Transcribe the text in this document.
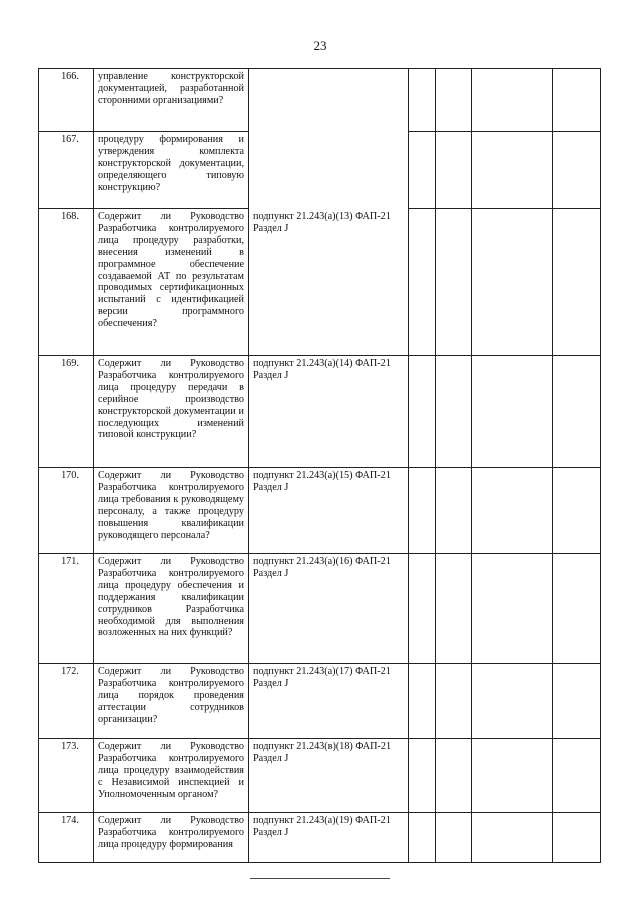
23
166.	управление конструкторской документацией, разработанной сторонними организациями?					
167.	процедуру формирования и утверждения комплекта конструкторской документации, определяющего типовую конструкцию?					
168.	Содержит ли Руководство Разработчика контролируемого лица процедуру разработки, внесения изменений в программное обеспечение создаваемой АТ по результатам проводимых сертификационных испытаний с идентификацией версии программного обеспечения?	подпункт 21.243(а)(13) ФАП-21 Раздел J				
169.	Содержит ли Руководство Разработчика контролируемого лица процедуру передачи в серийное производство конструкторской документации и последующих изменений типовой конструкции?	подпункт 21.243(а)(14) ФАП-21 Раздел J				
170.	Содержит ли Руководство Разработчика контролируемого лица требования к руководящему персоналу, а также процедуру повышения квалификации руководящего персонала?	подпункт 21.243(а)(15) ФАП-21 Раздел J				
171.	Содержит ли Руководство Разработчика контролируемого лица процедуру обеспечения и поддержания квалификации сотрудников Разработчика необходимой для выполнения возложенных на них функций?	подпункт 21.243(а)(16) ФАП-21 Раздел J				
172.	Содержит ли Руководство Разработчика контролируемого лица порядок проведения аттестации сотрудников организации?	подпункт 21.243(а)(17) ФАП-21 Раздел J				
173.	Содержит ли Руководство Разработчика контролируемого лица процедуру взаимодействия с Независимой инспекцией и Уполномоченным органом?	подпункт 21.243(в)(18) ФАП-21 Раздел J				
174.	Содержит ли Руководство Разработчика контролируемого лица процедуру формирования	подпункт 21.243(а)(19) ФАП-21 Раздел J				
